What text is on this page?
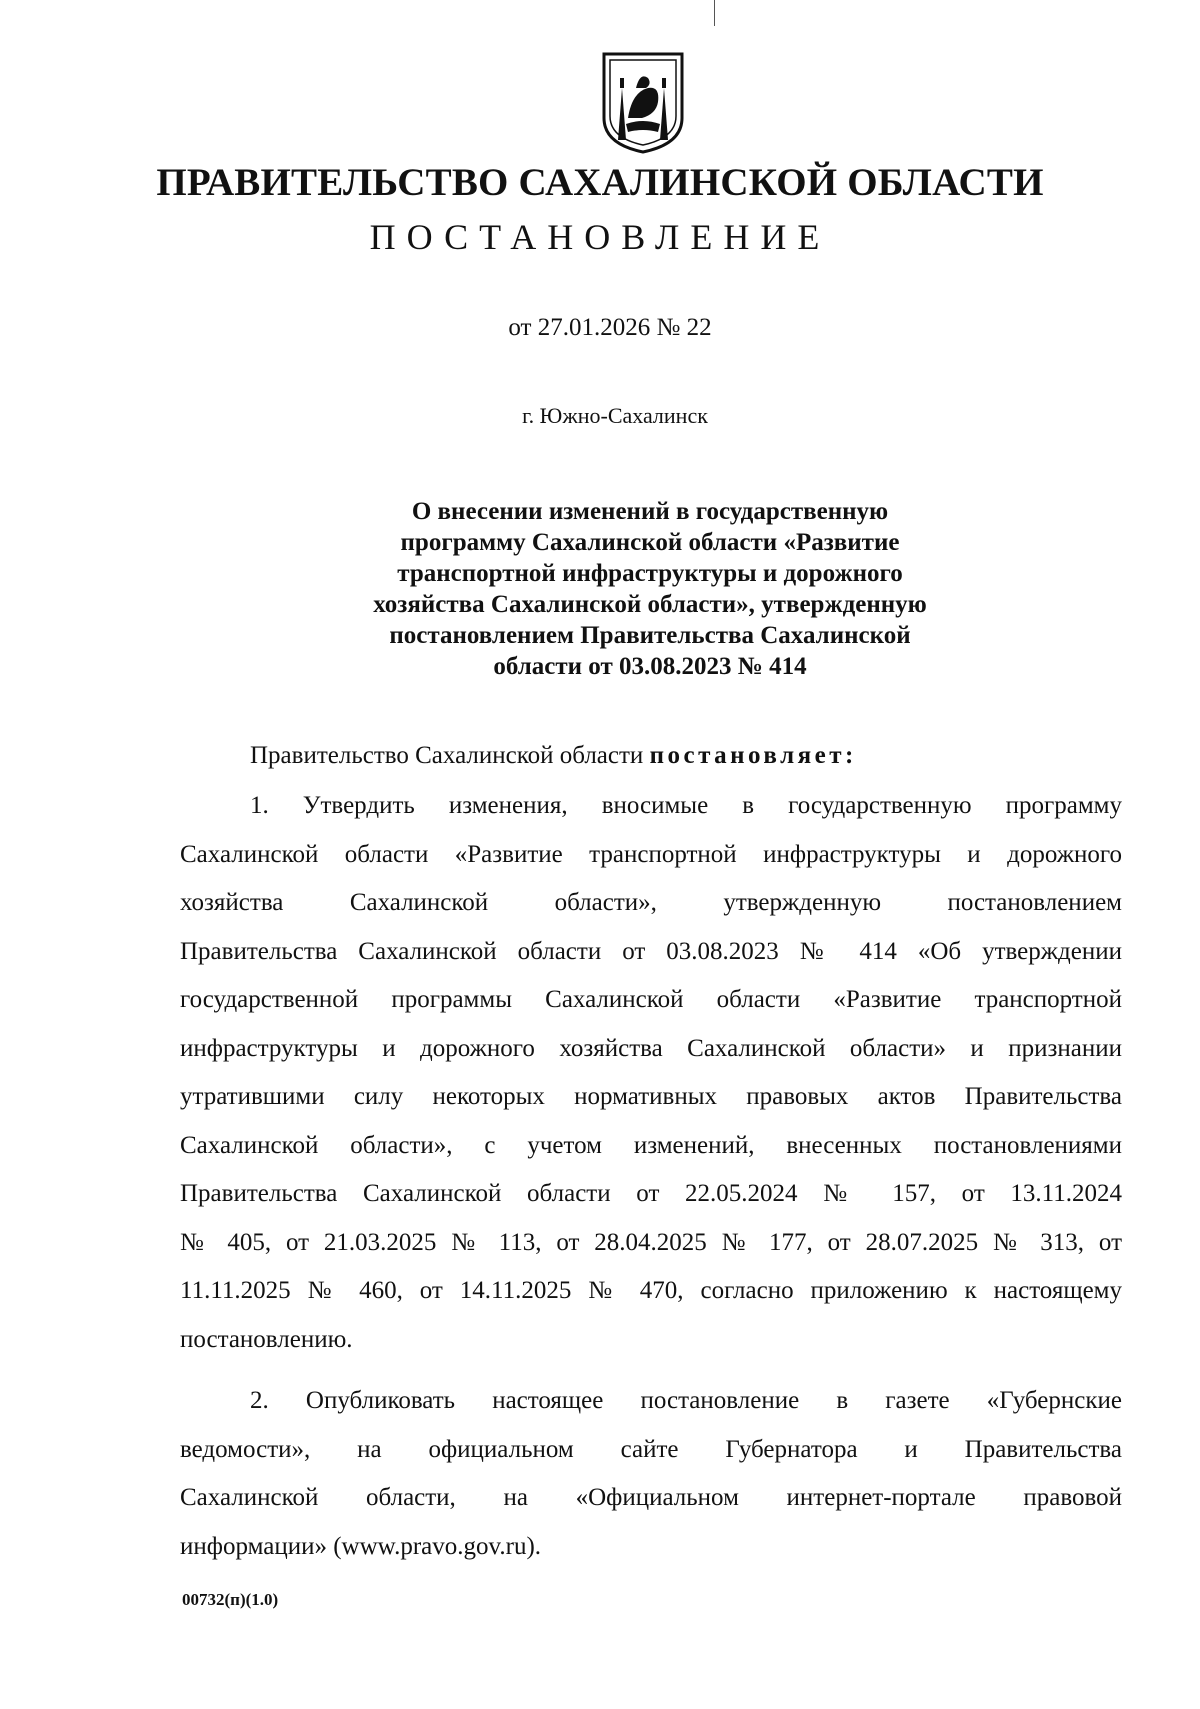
ПРАВИТЕЛЬСТВО САХАЛИНСКОЙ ОБЛАСТИ
ПОСТАНОВЛЕНИЕ
от 27.01.2026 № 22
г. Южно-Сахалинск
О внесении изменений в государственную
программу Сахалинской области «Развитие
транспортной инфраструктуры и дорожного
хозяйства Сахалинской области», утвержденную
постановлением Правительства Сахалинской
области от 03.08.2023 № 414
Правительство Сахалинской области постановляет:
1. Утвердить изменения, вносимые в государственную программу
Сахалинской области «Развитие транспортной инфраструктуры и дорожного
хозяйства Сахалинской области», утвержденную постановлением
Правительства Сахалинской области от 03.08.2023 № 414 «Об утверждении
государственной программы Сахалинской области «Развитие транспортной
инфраструктуры и дорожного хозяйства Сахалинской области» и признании
утратившими силу некоторых нормативных правовых актов Правительства
Сахалинской области», с учетом изменений, внесенных постановлениями
Правительства Сахалинской области от 22.05.2024 № 157, от 13.11.2024
№ 405, от 21.03.2025 № 113, от 28.04.2025 № 177, от 28.07.2025 № 313, от
11.11.2025 № 460, от 14.11.2025 № 470, согласно приложению к настоящему
постановлению.
2. Опубликовать настоящее постановление в газете «Губернские
ведомости», на официальном сайте Губернатора и Правительства
Сахалинской области, на «Официальном интернет-портале правовой
информации» (www.pravo.gov.ru).
00732(п)(1.0)
